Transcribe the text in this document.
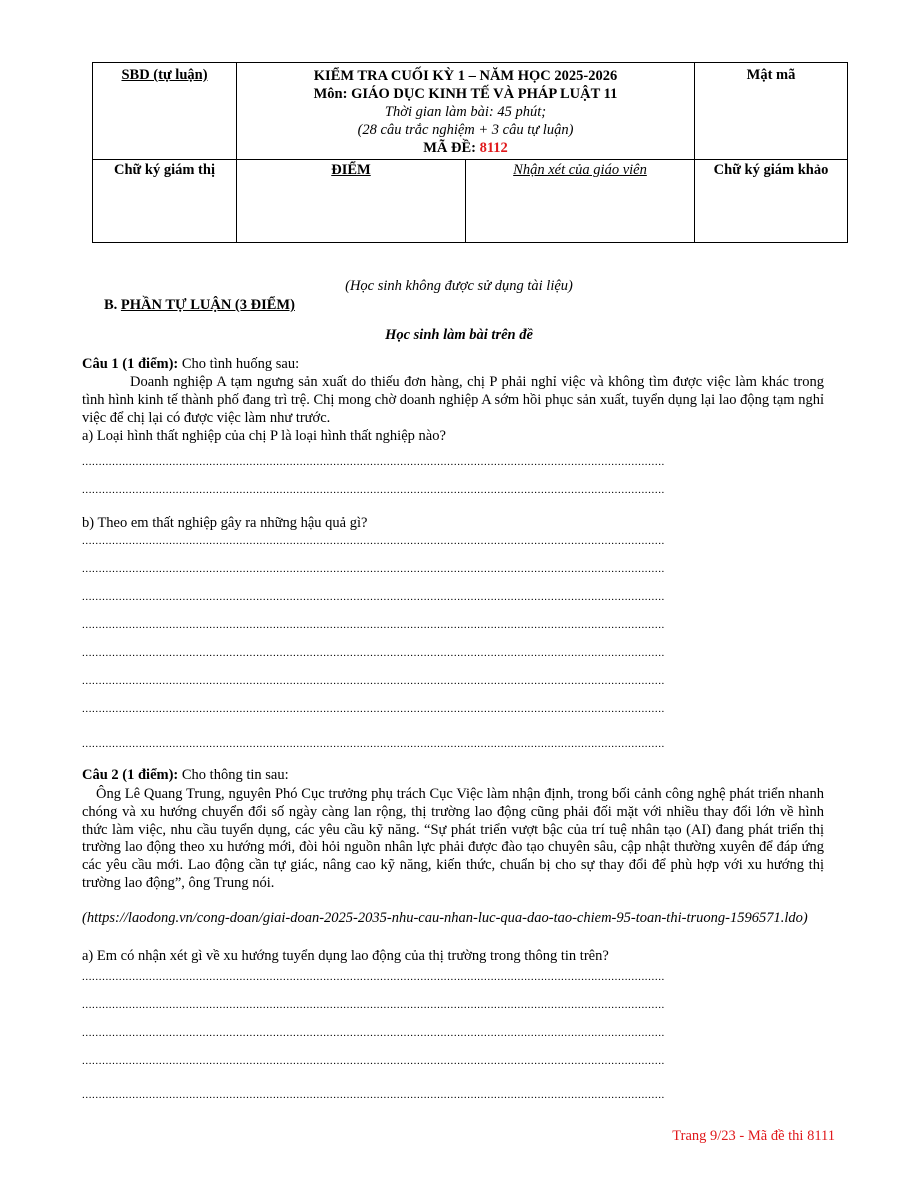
SBD (tự luận)	KIỂM TRA CUỐI KỲ 1 – NĂM HỌC 2025-2026
Môn: GIÁO DỤC KINH TẾ VÀ PHÁP LUẬT 11
Thời gian làm bài: 45 phút;
(28 câu trắc nghiệm + 3 câu tự luận)
MÃ ĐỀ: 8112		Mật mã
Chữ ký giám thị	ĐIỂM	Nhận xét của giáo viên	Chữ ký giám khảo
(Học sinh không được sử dụng tài liệu)
B. PHẦN TỰ LUẬN (3 ĐIỂM)
Học sinh làm bài trên đề
Câu 1 (1 điểm): Cho tình huống sau:
Doanh nghiệp A tạm ngưng sản xuất do thiếu đơn hàng, chị P phải nghỉ việc và không tìm được việc làm khác trong tình hình kinh tế thành phố đang trì trệ. Chị mong chờ doanh nghiệp A sớm hồi phục sản xuất, tuyển dụng lại lao động tạm nghỉ việc để chị lại có được việc làm như trước.
a) Loại hình thất nghiệp của chị P là loại hình thất nghiệp nào?
..............................................................................................................................................................................
..............................................................................................................................................................................
b) Theo em thất nghiệp gây ra những hậu quả gì?
..............................................................................................................................................................................
..............................................................................................................................................................................
..............................................................................................................................................................................
..............................................................................................................................................................................
..............................................................................................................................................................................
..............................................................................................................................................................................
..............................................................................................................................................................................
..............................................................................................................................................................................
Câu 2 (1 điểm): Cho thông tin sau:
Ông Lê Quang Trung, nguyên Phó Cục trưởng phụ trách Cục Việc làm nhận định, trong bối cảnh công nghệ phát triển nhanh chóng và xu hướng chuyển đổi số ngày càng lan rộng, thị trường lao động cũng phải đối mặt với nhiều thay đổi lớn về hình thức làm việc, nhu cầu tuyển dụng, các yêu cầu kỹ năng. “Sự phát triển vượt bậc của trí tuệ nhân tạo (AI) đang phát triển thị trường lao động theo xu hướng mới, đòi hỏi nguồn nhân lực phải được đào tạo chuyên sâu, cập nhật thường xuyên để đáp ứng các yêu cầu mới. Lao động cần tự giác, nâng cao kỹ năng, kiến thức, chuẩn bị cho sự thay đổi để phù hợp với xu hướng thị trường lao động”, ông Trung nói.
(https://laodong.vn/cong-doan/giai-doan-2025-2035-nhu-cau-nhan-luc-qua-dao-tao-chiem-95-toan-thi-truong-1596571.ldo)
a) Em có nhận xét gì về xu hướng tuyển dụng lao động của thị trường trong thông tin trên?
..............................................................................................................................................................................
..............................................................................................................................................................................
..............................................................................................................................................................................
..............................................................................................................................................................................
..............................................................................................................................................................................
Trang 9/23 - Mã đề thi 8111
